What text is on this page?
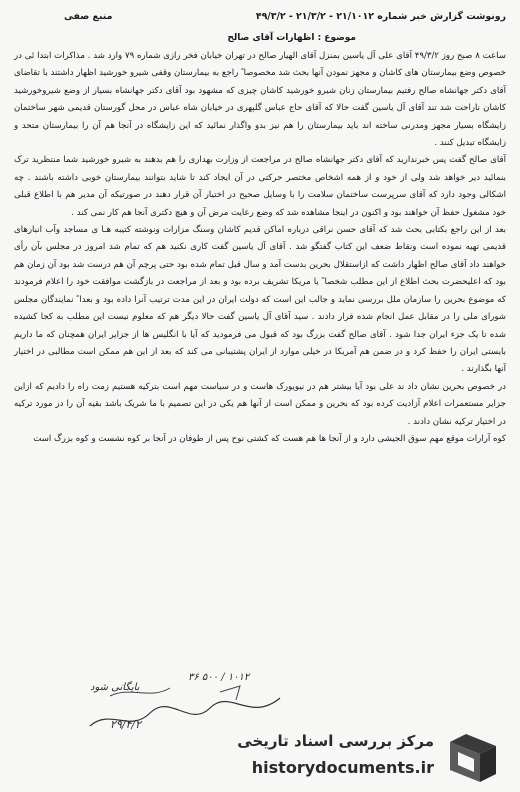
رونوشت گزارش خبر شماره ۲۱/۱۰۱۲ - ۲۱/۳/۲ - ۴۹/۳/۲
منبع صفی
موضوع : اظهارات آقای صالح

ساعت ۸ صبح روز ۴۹/۳/۲ آقای علی آل یاسین بمنزل آقای الهیار صالح در تهران خیابان فخر رازی شماره ۷۹ وارد شد . مذاکرات ابتدا ئی در خصوص وضع بیمارستان های کاشان و مجهز نمودن آنها بحث شد مخصوصا ً راجع به بیمارستان وقفی شیرو خورشید اظهار داشتند با تقاضای آقای دکتر جهانشاه صالح رفتیم بیمارستان زنان شیرو خورشید کاشان چیزی که مشهود بود آقای دکتر جهانشاه بسیار از وضع شیروخورشید کاشان ناراحت شد تند آقای آل یاسین گفت حالا که آقای حاج عباس گلپهری در خیابان شاه عباس در محل گورستان قدیمی شهر ساختمان زایشگاه بسیار مجهز ومدرنی ساخته اند باید بیمارستان را هم نیز بدو واگذار نمائید که این زایشگاه در آنجا هم آن را بیمارستان متحد و زایشگاه تبدیل کنند .

آقای صالح گفت پس خبرندارید که آقای دکتر جهانشاه صالح در مراجعت از وزارت بهداری را هم بدهند به شیرو خورشید شما منتظرید ترک بنمائید دیر خواهد شد ولی از خود و از همه اشخاص مختصر حرکتی در آن ایجاد کند تا شاید بتوانند بیمارستان خوبی داشته باشند . چه اشکالی وجود دارد که آقای سرپرست ساختمان سلامت را با وسایل صحیح در اختیار آن قرار دهند در صورتیکه آن مدیر هم با اطلاع قبلی خود مشغول حفظ آن خواهند بود و اکنون در اینجا مشاهده شد که وضع رعایت مرض آن و هیچ دکتری آنجا هم کار نمی کند .

بعد از این راجع بکتابی بحث شد که آقای حسن نراقی درباره اماکن قدیم کاشان وسنگ مزارات ونوشته کتیبه هـا ی مساجد وآب انبارهای قدیمی تهیه نموده است ونقاط ضعف این کتاب گفتگو شد . آقای آل یاسین گفت کاری نکنید هم که تمام شد امروز در مجلس بآن رأی خواهند داد آقای صالح اظهار داشت که ازاستقلال بحرین بدست آمد و سال قبل تمام شده بود حتی پرچم آن هم درست شد بود آن زمان هم بود که اعلیحضرت بحث اطلاع از این مطلب شخصا ً یا مریکا تشریف برده بود و بعد از مراجعت در بازگشت موافقت خود را اعلام فرمودند که موضوع بحرین را سازمان ملل بررسی نماید و جالب این است که دولت ایران در این مدت ترتیب آنرا داده بود و بعدا ً نمایندگان مجلس شورای ملی را در مقابل عمل انجام شده قرار دادند . سید آقای آل یاسین گفت حالا دیگر هم که معلوم نیست این مطلب به کجا کشیده شده تا یک جزء ایران جدا شود . آقای صالح گفت بزرگ بود که قبول می فرمودید که آیا با انگلیس ها از جزایر ایران همچنان که ما داریم بایستی ایران را حفظ کرد و در ضمن هم آمریکا در خیلی موارد از ایران پشتیبانی می کند که بعد از این هم ممکن است مطالبی در اختیار آنها بگذارند .

در خصوص بحرین نشان داد ند علی بود آیا بیشتر هم در نیویورک هاست و در سیاست مهم است بترکیه هستیم زمت راه را دادیم که ازاین جزایر مستعمرات اعلام آزادیت کرده بود که بحرین و ممکن است از آنها هم یکی در این تصمیم با ما شریک باشد بقیه آن را در مورد ترکیه در اختیار ترکیه نشان دادند .

کوه آرارات موقع مهم سوق الجیشی دارد و از آنجا ها هم هست که کشتی نوح پس از طوفان در آنجا بر کوه نشست و کوه بزرگ است

۳۶ ۵۰۰ / ۱۰۱۲
بایگانی شود
۲۹/۴/۲
مرکز بررسی اسناد تاریخی
historydocuments.ir
